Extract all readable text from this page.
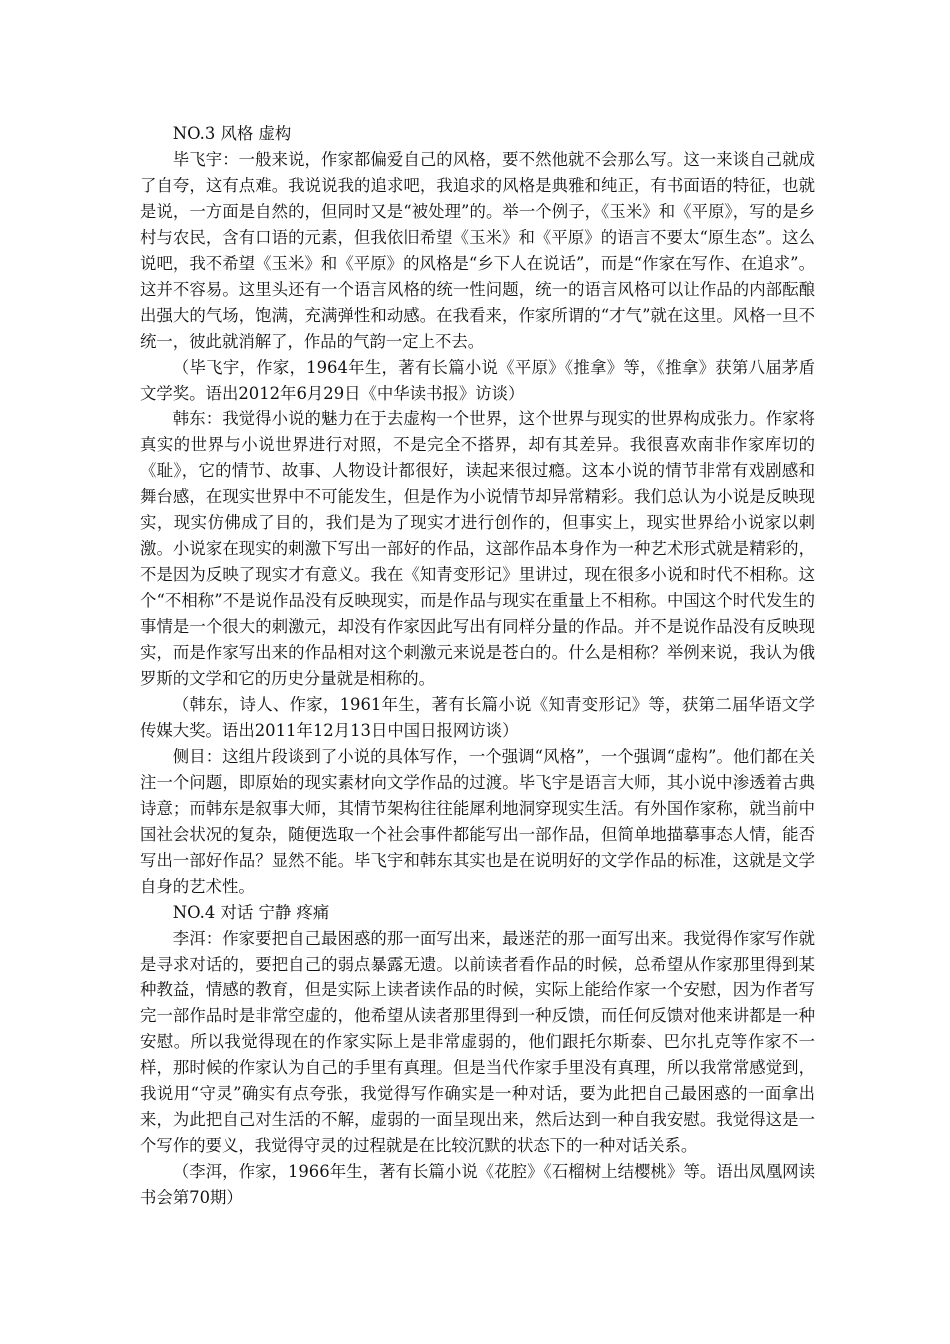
NO.3 风格 虚构

毕飞宇：一般来说，作家都偏爱自己的风格，要不然他就不会那么写。这一来谈自己就成了自夸，这有点难。我说说我的追求吧，我追求的风格是典雅和纯正，有书面语的特征，也就是说，一方面是自然的，但同时又是“被处理”的。举一个例子，《玉米》和《平原》，写的是乡村与农民，含有口语的元素，但我依旧希望《玉米》和《平原》的语言不要太“原生态”。这么说吧，我不希望《玉米》和《平原》的风格是“乡下人在说话”，而是“作家在写作、在追求”。这并不容易。这里头还有一个语言风格的统一性问题，统一的语言风格可以让作品的内部酝酿出强大的气场，饱满，充满弹性和动感。在我看来，作家所谓的“才气”就在这里。风格一旦不统一，彼此就消解了，作品的气韵一定上不去。

（毕飞宇，作家，1964年生，著有长篇小说《平原》《推拿》等，《推拿》获第八届茅盾文学奖。语出2012年6月29日《中华读书报》访谈）

韩东：我觉得小说的魅力在于去虚构一个世界，这个世界与现实的世界构成张力。作家将真实的世界与小说世界进行对照，不是完全不搭界，却有其差异。我很喜欢南非作家库切的《耻》，它的情节、故事、人物设计都很好，读起来很过瘾。这本小说的情节非常有戏剧感和舞台感，在现实世界中不可能发生，但是作为小说情节却异常精彩。我们总认为小说是反映现实，现实仿佛成了目的，我们是为了现实才进行创作的，但事实上，现实世界给小说家以刺激。小说家在现实的刺激下写出一部好的作品，这部作品本身作为一种艺术形式就是精彩的，不是因为反映了现实才有意义。我在《知青变形记》里讲过，现在很多小说和时代不相称。这个“不相称”不是说作品没有反映现实，而是作品与现实在重量上不相称。中国这个时代发生的事情是一个很大的刺激元，却没有作家因此写出有同样分量的作品。并不是说作品没有反映现实，而是作家写出来的作品相对这个刺激元来说是苍白的。什么是相称？举例来说，我认为俄罗斯的文学和它的历史分量就是相称的。

（韩东，诗人、作家，1961年生，著有长篇小说《知青变形记》等，获第二届华语文学传媒大奖。语出2011年12月13日中国日报网访谈）

侧目：这组片段谈到了小说的具体写作，一个强调“风格”，一个强调“虚构”。他们都在关注一个问题，即原始的现实素材向文学作品的过渡。毕飞宇是语言大师，其小说中渗透着古典诗意；而韩东是叙事大师，其情节架构往往能犀利地洞穿现实生活。有外国作家称，就当前中国社会状况的复杂，随便选取一个社会事件都能写出一部作品，但简单地描摹事态人情，能否写出一部好作品？显然不能。毕飞宇和韩东其实也是在说明好的文学作品的标准，这就是文学自身的艺术性。

NO.4 对话 宁静 疼痛

李洱：作家要把自己最困惑的那一面写出来，最迷茫的那一面写出来。我觉得作家写作就是寻求对话的，要把自己的弱点暴露无遗。以前读者看作品的时候，总希望从作家那里得到某种教益，情感的教育，但是实际上读者读作品的时候，实际上能给作家一个安慰，因为作者写完一部作品时是非常空虚的，他希望从读者那里得到一种反馈，而任何反馈对他来讲都是一种安慰。所以我觉得现在的作家实际上是非常虚弱的，他们跟托尔斯泰、巴尔扎克等作家不一样，那时候的作家认为自己的手里有真理。但是当代作家手里没有真理，所以我常常感觉到，我说用“守灵”确实有点夸张，我觉得写作确实是一种对话，要为此把自己最困惑的一面拿出来，为此把自己对生活的不解，虚弱的一面呈现出来，然后达到一种自我安慰。我觉得这是一个写作的要义，我觉得守灵的过程就是在比较沉默的状态下的一种对话关系。

（李洱，作家，1966年生，著有长篇小说《花腔》《石榴树上结樱桃》等。语出凤凰网读书会第70期）
